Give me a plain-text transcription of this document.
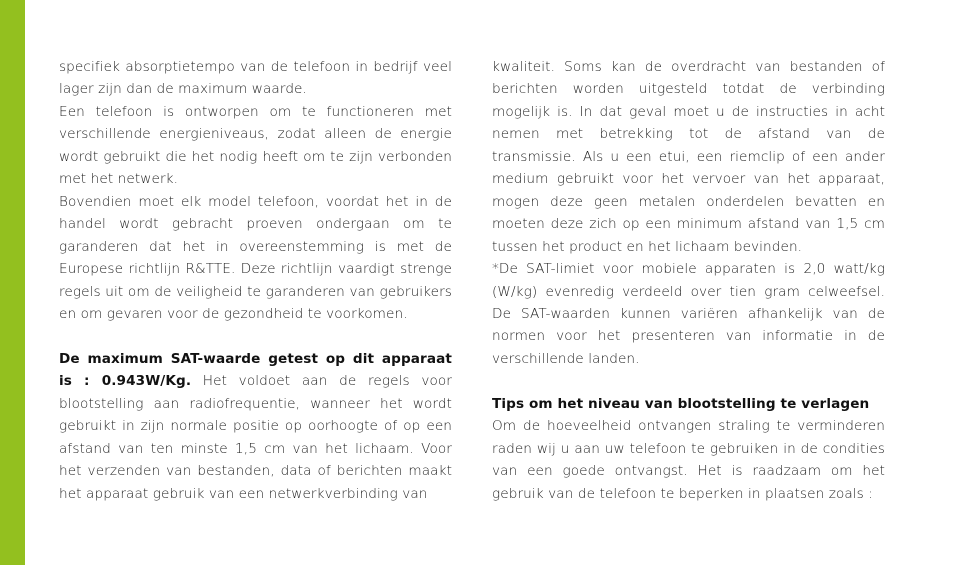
specifiek absorptietempo van de telefoon in bedrijf veel lager zijn dan de maximum waarde.

Een telefoon is ontworpen om te functioneren met verschillende energieniveaus, zodat alleen de energie wordt gebruikt die het nodig heeft om te zijn verbonden met het netwerk.

Bovendien moet elk model telefoon, voordat het in de handel wordt gebracht proeven ondergaan om te garanderen dat het in overeenstemming is met de Europese richtlijn R&TTE. Deze richtlijn vaardigt strenge regels uit om de veiligheid te garanderen van gebruikers en om gevaren voor de gezondheid te voorkomen.

De maximum SAT-waarde getest op dit apparaat is : 0.943W/Kg. Het voldoet aan de regels voor blootstelling aan radiofrequentie, wanneer het wordt gebruikt in zijn normale positie op oorhoogte of op een afstand van ten minste 1,5 cm van het lichaam. Voor het verzenden van bestanden, data of berichten maakt het apparaat gebruik van een netwerkverbinding van

kwaliteit. Soms kan de overdracht van bestanden of berichten worden uitgesteld totdat de verbinding mogelijk is. In dat geval moet u de instructies in acht nemen met betrekking tot de afstand van de transmissie. Als u een etui, een riemclip of een ander medium gebruikt voor het vervoer van het apparaat, mogen deze geen metalen onderdelen bevatten en moeten deze zich op een minimum afstand van 1,5 cm tussen het product en het lichaam bevinden.

*De SAT-limiet voor mobiele apparaten is 2,0 watt/kg (W/kg) evenredig verdeeld over tien gram celweefsel. De SAT-waarden kunnen variëren afhankelijk van de normen voor het presenteren van informatie in de verschillende landen.

Tips om het niveau van blootstelling te verlagen

Om de hoeveelheid ontvangen straling te verminderen raden wij u aan uw telefoon te gebruiken in de condities van een goede ontvangst. Het is raadzaam om het gebruik van de telefoon te beperken in plaatsen zoals :
